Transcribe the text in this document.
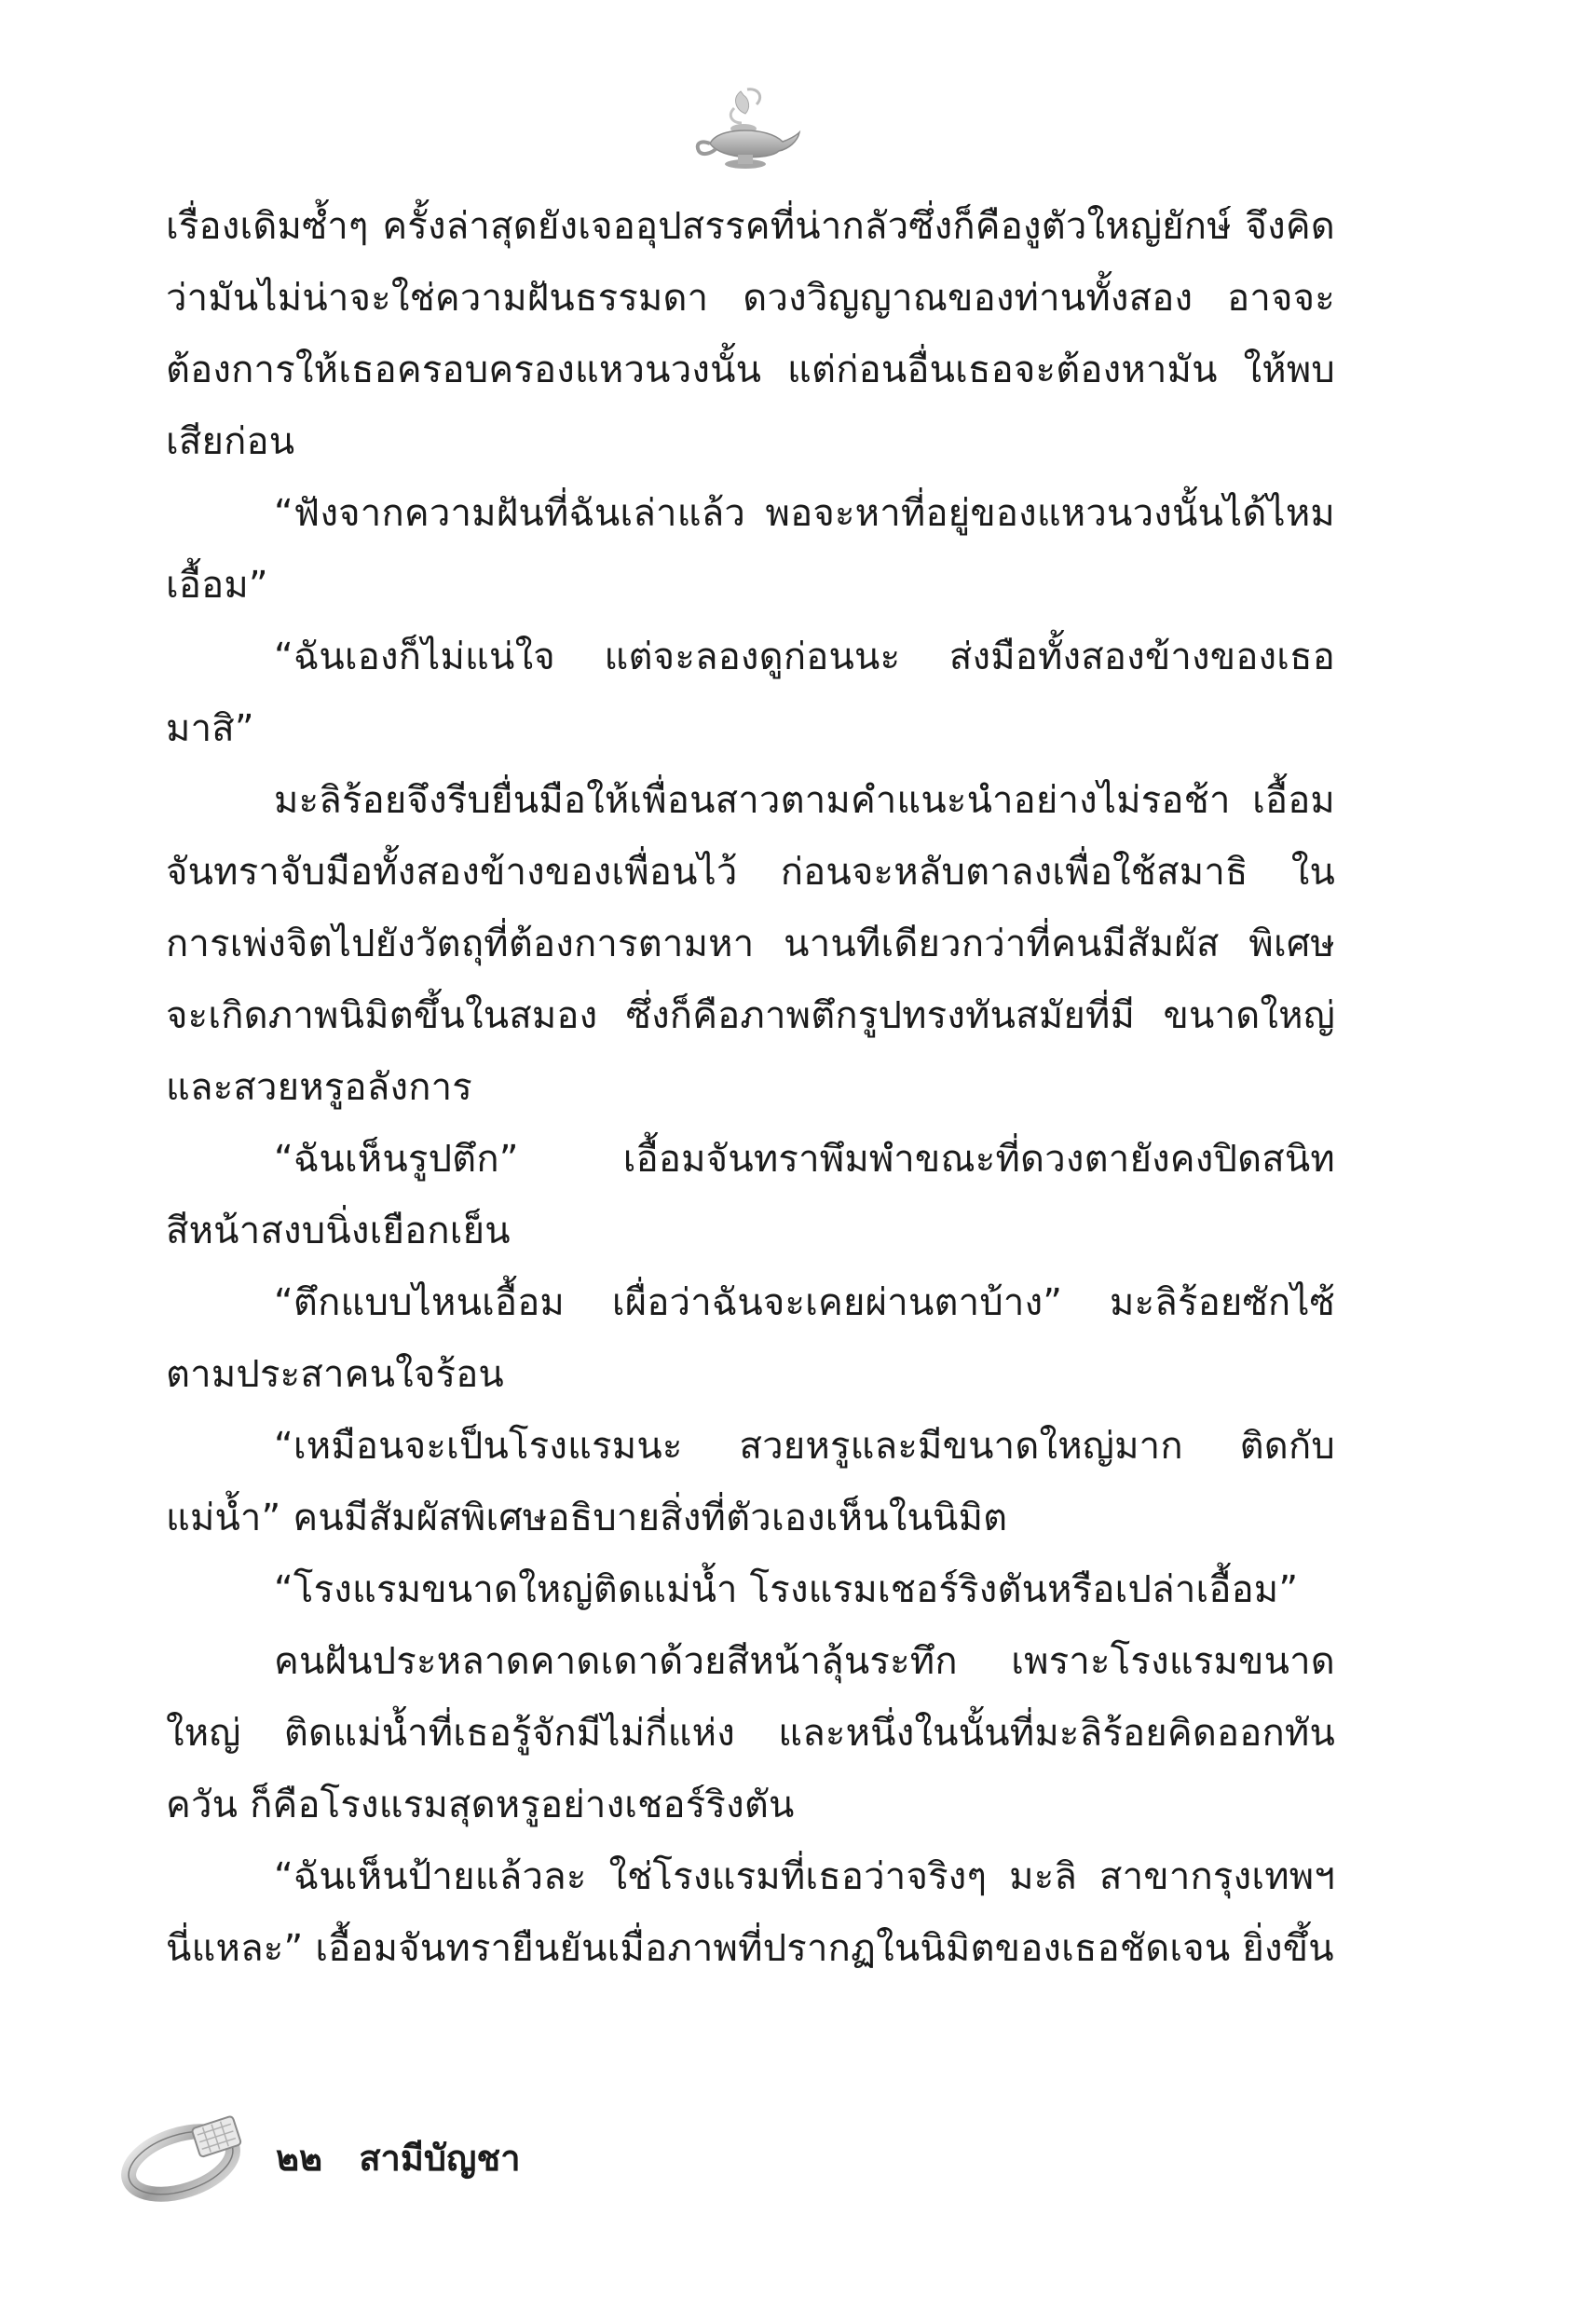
เรื่องเดิมซ้ำๆ ครั้งล่าสุดยังเจออุปสรรคที่น่ากลัวซึ่งก็คืองูตัวใหญ่ยักษ์ จึงคิดว่ามันไม่น่าจะใช่ความฝันธรรมดา ดวงวิญญาณของท่านทั้งสอง อาจจะต้องการให้เธอครอบครองแหวนวงนั้น แต่ก่อนอื่นเธอจะต้องหามัน ให้พบเสียก่อน

“ฟังจากความฝันที่ฉันเล่าแล้ว พอจะหาที่อยู่ของแหวนวงนั้นได้ไหม เอื้อม”

“ฉันเองก็ไม่แน่ใจ แต่จะลองดูก่อนนะ ส่งมือทั้งสองข้างของเธอ มาสิ”

มะลิร้อยจึงรีบยื่นมือให้เพื่อนสาวตามคำแนะนำอย่างไม่รอช้า เอื้อมจันทราจับมือทั้งสองข้างของเพื่อนไว้ ก่อนจะหลับตาลงเพื่อใช้สมาธิ ในการเพ่งจิตไปยังวัตถุที่ต้องการตามหา นานทีเดียวกว่าที่คนมีสัมผัส พิเศษจะเกิดภาพนิมิตขึ้นในสมอง ซึ่งก็คือภาพตึกรูปทรงทันสมัยที่มี ขนาดใหญ่และสวยหรูอลังการ

“ฉันเห็นรูปตึก” เอื้อมจันทราพึมพำขณะที่ดวงตายังคงปิดสนิท สีหน้าสงบนิ่งเยือกเย็น

“ตึกแบบไหนเอื้อม เผื่อว่าฉันจะเคยผ่านตาบ้าง” มะลิร้อยซักไซ้ ตามประสาคนใจร้อน

“เหมือนจะเป็นโรงแรมนะ สวยหรูและมีขนาดใหญ่มาก ติดกับ แม่น้ำ” คนมีสัมผัสพิเศษอธิบายสิ่งที่ตัวเองเห็นในนิมิต

“โรงแรมขนาดใหญ่ติดแม่น้ำ โรงแรมเชอร์ริงตันหรือเปล่าเอื้อม”

คนฝันประหลาดคาดเดาด้วยสีหน้าลุ้นระทึก เพราะโรงแรมขนาดใหญ่ ติดแม่น้ำที่เธอรู้จักมีไม่กี่แห่ง และหนึ่งในนั้นที่มะลิร้อยคิดออกทันควัน ก็คือโรงแรมสุดหรูอย่างเชอร์ริงตัน

“ฉันเห็นป้ายแล้วละ ใช่โรงแรมที่เธอว่าจริงๆ มะลิ สาขากรุงเทพฯ นี่แหละ” เอื้อมจันทรายืนยันเมื่อภาพที่ปรากฏในนิมิตของเธอชัดเจน ยิ่งขึ้น

๒๒ สามีบัญชา
